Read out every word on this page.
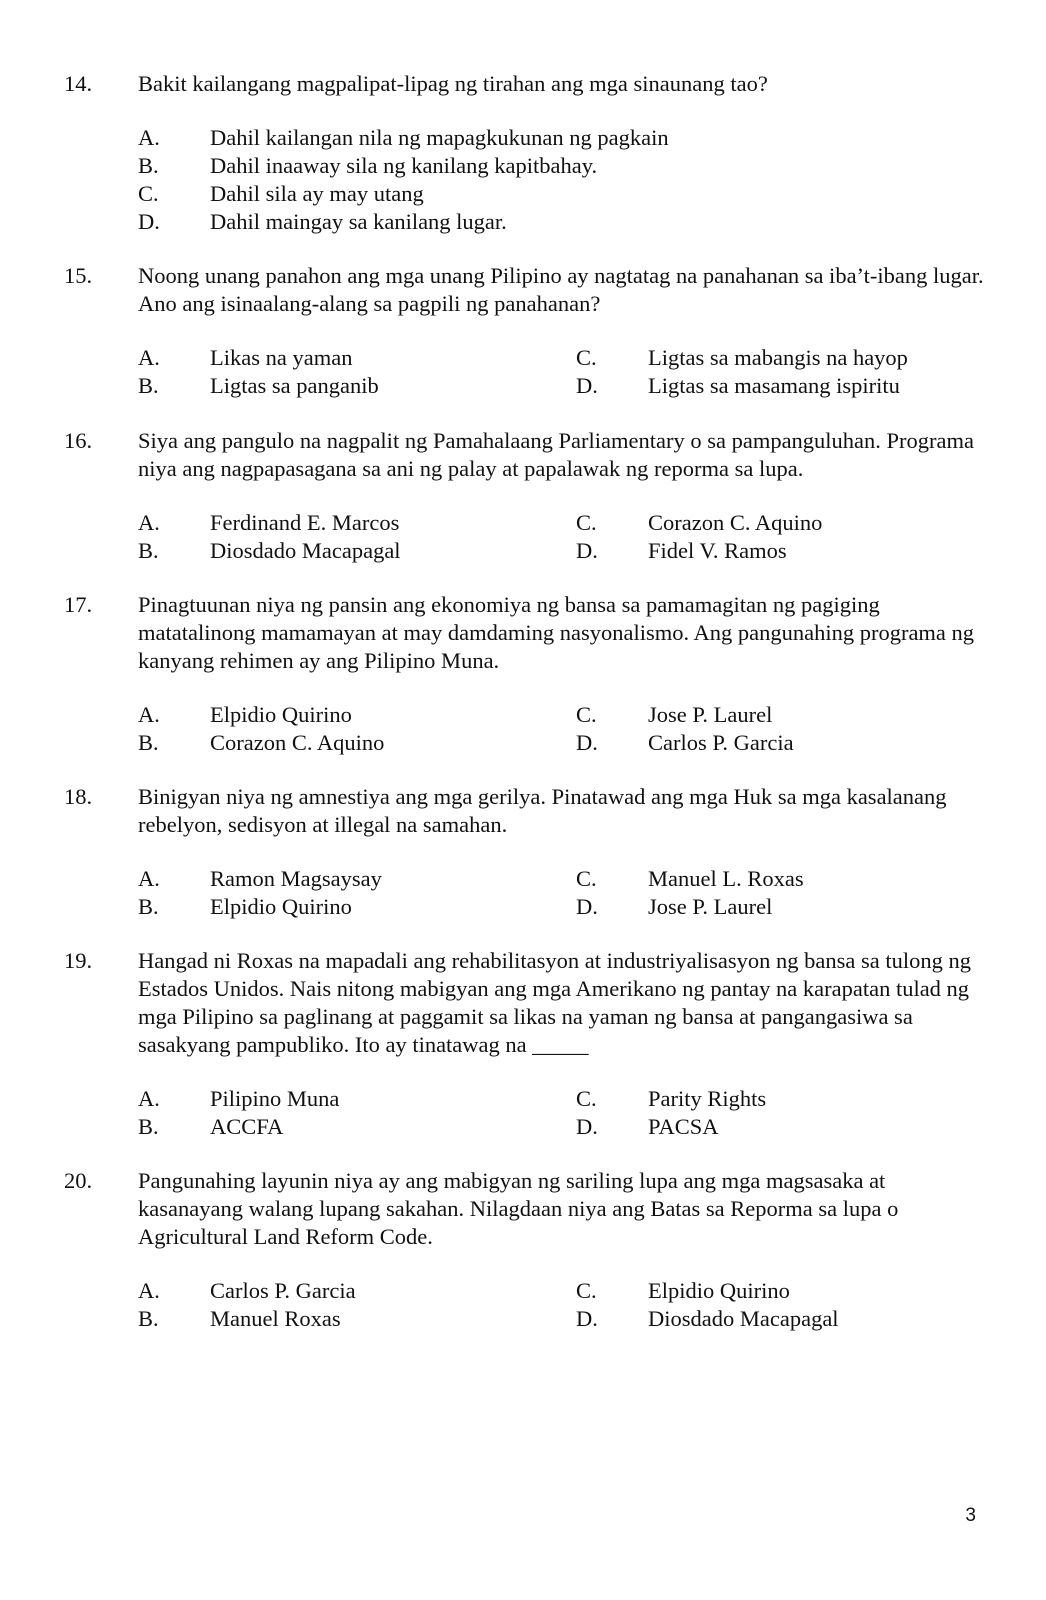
14.	Bakit kailangang magpalipat-lipag ng tirahan ang mga sinaunang tao?
A.	Dahil kailangan nila ng mapagkukunan ng pagkain
B.	Dahil inaaway sila ng kanilang kapitbahay.
C.	Dahil sila ay may utang
D.	Dahil maingay sa kanilang lugar.
15.	Noong unang panahon ang mga unang Pilipino ay nagtatag na panahanan sa iba’t-ibang lugar. Ano ang isinaalang-alang sa pagpili ng panahanan?
A.	Likas na yaman	C.	Ligtas sa mabangis na hayop
B.	Ligtas sa panganib	D.	Ligtas sa masamang ispiritu
16.	Siya ang pangulo na nagpalit ng Pamahalaang Parliamentary o sa pampanguluhan. Programa niya ang nagpapasagana sa ani ng palay at papalawak ng reporma sa lupa.
A.	Ferdinand E. Marcos	C.	Corazon C. Aquino
B.	Diosdado Macapagal	D.	Fidel V. Ramos
17.	Pinagtuunan niya ng pansin ang ekonomiya ng bansa sa pamamagitan ng pagiging matatalinong mamamayan at may damdaming nasyonalismo. Ang pangunahing programa ng kanyang rehimen ay ang Pilipino Muna.
A.	Elpidio Quirino	C.	Jose P. Laurel
B.	Corazon C. Aquino	D.	Carlos P. Garcia
18.	Binigyan niya ng amnestiya ang mga gerilya. Pinatawad ang mga Huk sa mga kasalanang rebelyon, sedisyon at illegal na samahan.
A.	Ramon Magsaysay	C.	Manuel L. Roxas
B.	Elpidio Quirino	D.	Jose P. Laurel
19.	Hangad ni Roxas na mapadali ang rehabilitasyon at industriyalisasyon ng bansa sa tulong ng Estados Unidos. Nais nitong mabigyan ang mga Amerikano ng pantay na karapatan tulad ng mga Pilipino sa paglinang at paggamit sa likas na yaman ng bansa at pangangasiwa sa sasakyang pampubliko. Ito ay tinatawag na _____
A.	Pilipino Muna	C.	Parity Rights
B.	ACCFA	D.	PACSA
20.	Pangunahing layunin niya ay ang mabigyan ng sariling lupa ang mga magsasaka at kasanayang walang lupang sakahan. Nilagdaan niya ang Batas sa Reporma sa lupa o Agricultural Land Reform Code.
A.	Carlos P. Garcia	C.	Elpidio Quirino
B.	Manuel Roxas	D.	Diosdado Macapagal
3
